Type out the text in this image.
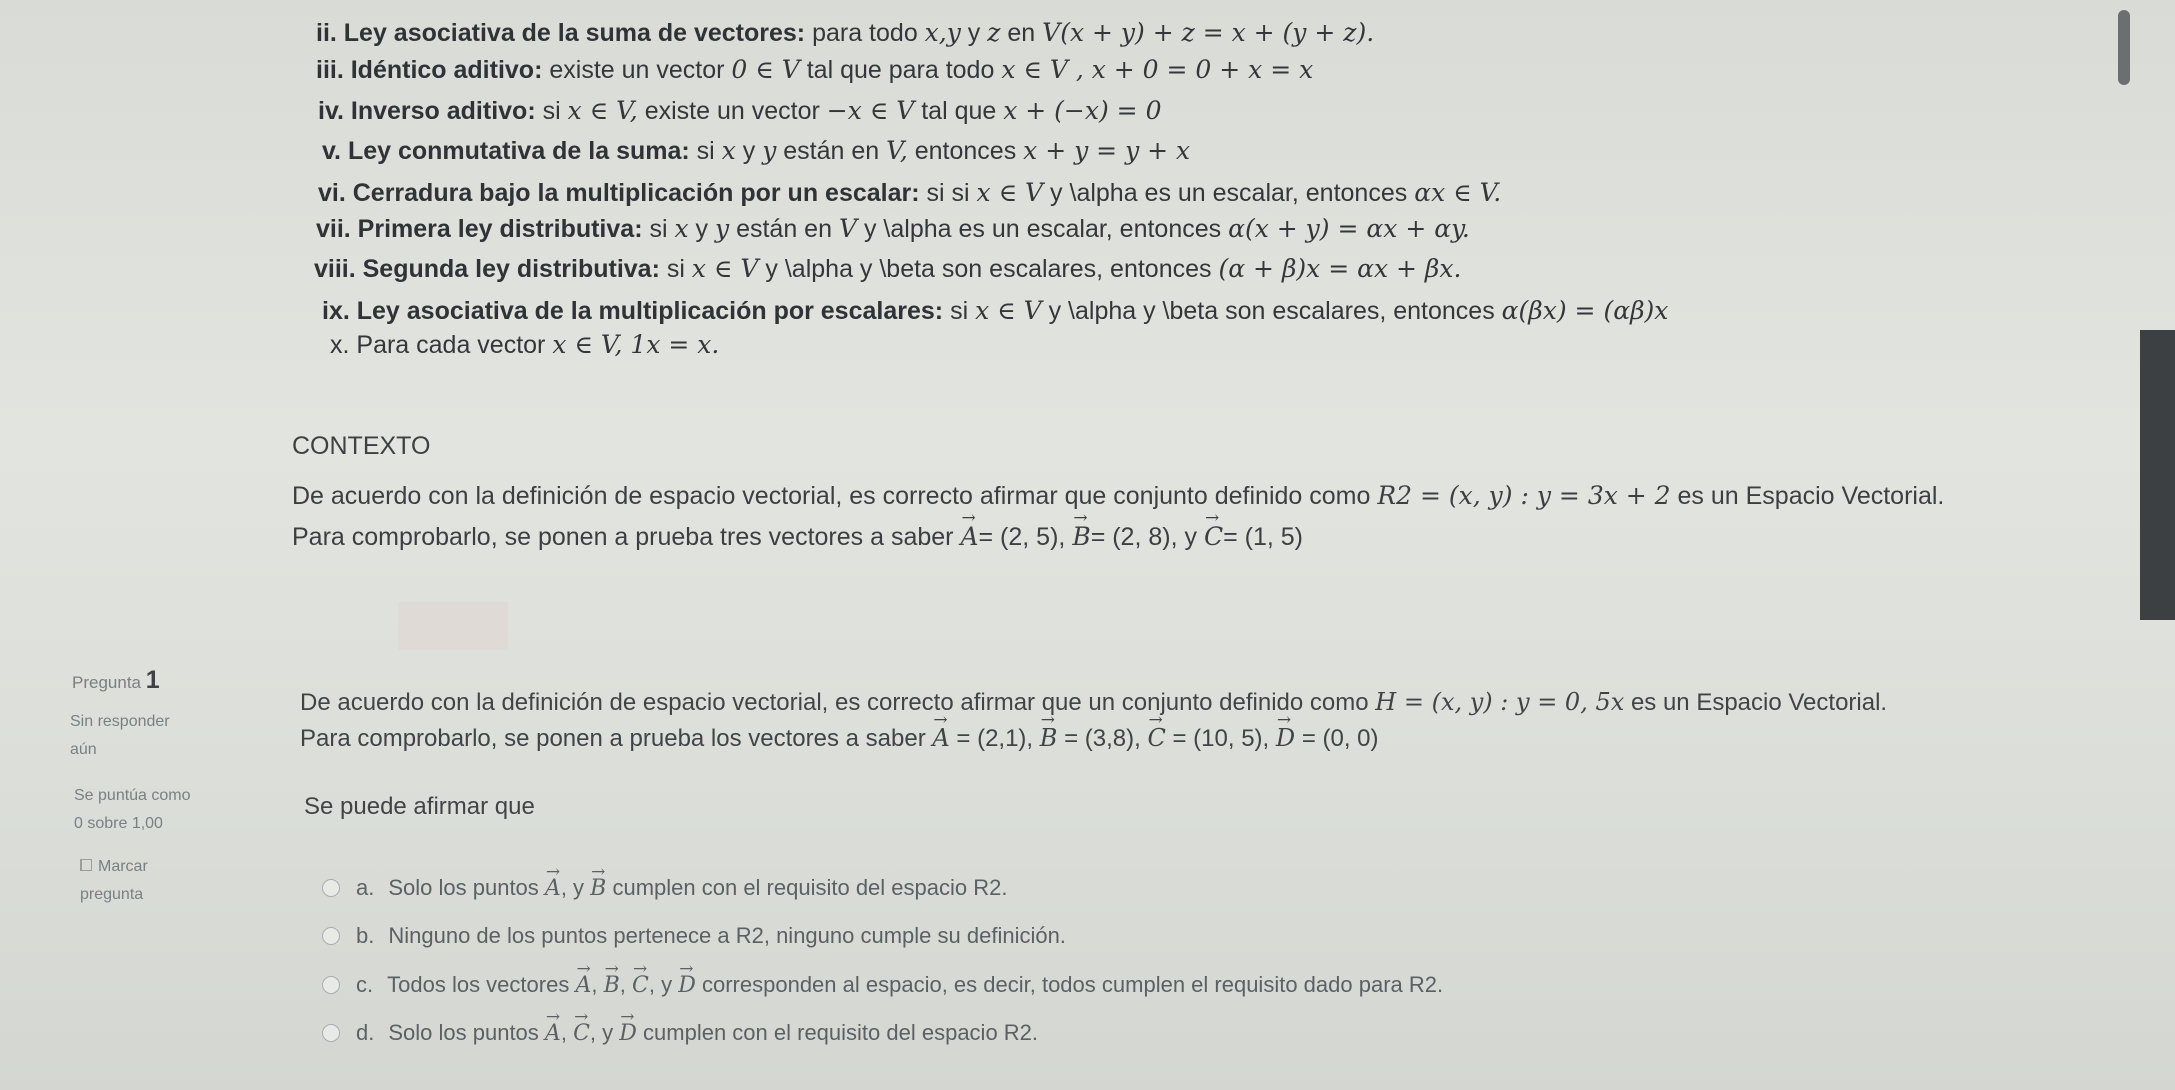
ii. Ley asociativa de la suma de vectores: para todo x,y y z en V(x + y) + z = x + (y + z).
iii. Idéntico aditivo: existe un vector 0 ∈ V tal que para todo x ∈ V , x + 0 = 0 + x = x
iv. Inverso aditivo: si x ∈ V, existe un vector −x ∈ V tal que x + (−x) = 0
v. Ley conmutativa de la suma: si x y y están en V, entonces x + y = y + x
vi. Cerradura bajo la multiplicación por un escalar: si si x ∈ V y \alpha es un escalar, entonces αx ∈ V.
vii. Primera ley distributiva: si x y y están en V y \alpha es un escalar, entonces α(x + y) = αx + αy.
viii. Segunda ley distributiva: si x ∈ V y \alpha y \beta son escalares, entonces (α + β)x = αx + βx.
ix. Ley asociativa de la multiplicación por escalares: si x ∈ V y \alpha y \beta son escalares, entonces α(βx) = (αβ)x
x. Para cada vector x ∈ V, 1x = x.
CONTEXTO
De acuerdo con la definición de espacio vectorial, es correcto afirmar que conjunto definido como R2 = (x, y) : y = 3x + 2 es un Espacio Vectorial.
Para comprobarlo, se ponen a prueba tres vectores a saber → A= (2, 5), → B= (2, 8), y → C= (1, 5)
Pregunta 1
Sin responder
aún
Se puntúa como
0 sobre 1,00
Marcar
pregunta
De acuerdo con la definición de espacio vectorial, es correcto afirmar que un conjunto definido como H = (x, y) : y = 0, 5x es un Espacio Vectorial.
Para comprobarlo, se ponen a prueba los vectores a saber → A = (2,1), → B = (3,8), → C = (10, 5), → D = (0, 0)
Se puede afirmar que
a. Solo los puntos
→ A , y
→ B
cumplen con el requisito del espacio R2.
b. Ninguno de los puntos pertenece a R2, ninguno cumple su definición.
c. Todos los vectores
→ A ,
→ B ,
→ C , y
→ D
corresponden al espacio, es decir, todos cumplen el requisito dado para R2.
d. Solo los puntos
→ A ,
→ C , y
→ D
cumplen con el requisito del espacio R2.
